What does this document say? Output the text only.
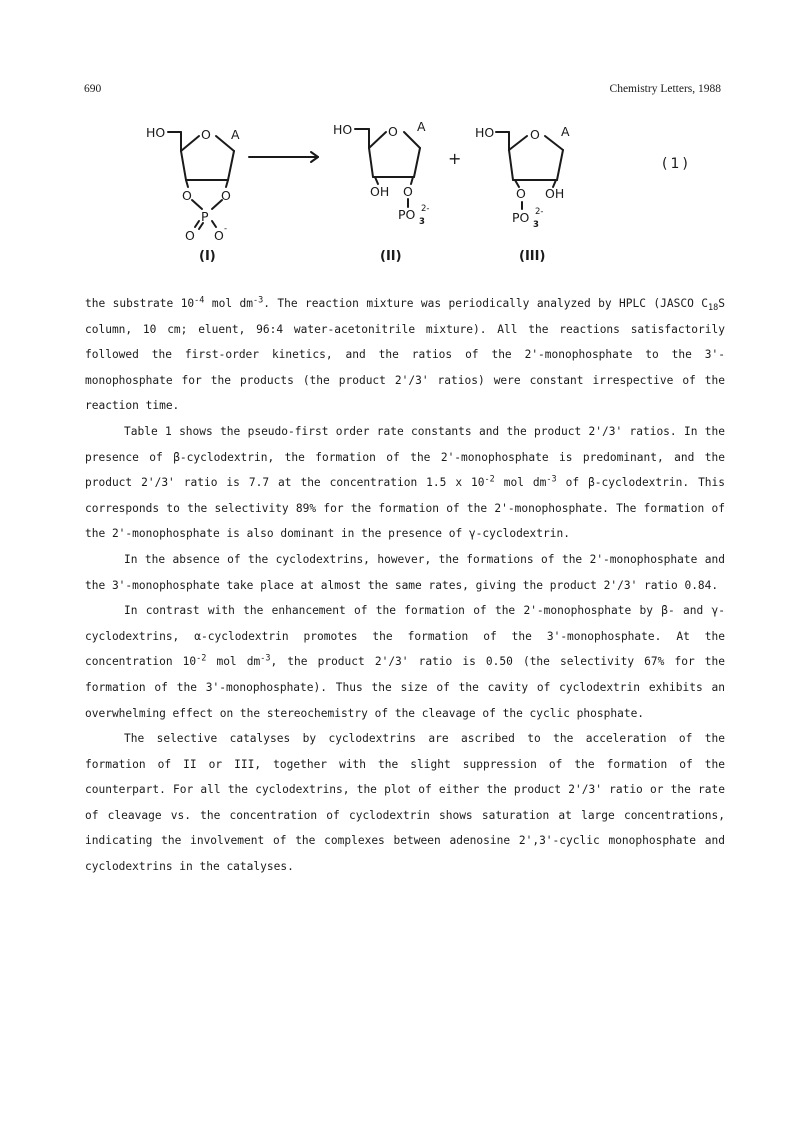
690	Chemistry Letters, 1988
HO	O A
O O
P
O O -
(I)
HO	O A
OH O
PO 3
2-
(II)
+
HO	O A
O OH
PO 3
2-
(III)
(1)

the substrate $10^{-4}$ mol $dm^{-3}$. The reaction mixture was periodically analyzed by HPLC (JASCO $C_{18}S$ column, 10 cm; eluent, 96:4 water-acetonitrile mixture). All the reactions satisfactorily followed the first-order kinetics, and the ratios of the 2'-monophosphate to the 3'-monophosphate for the products (the product 2'/3' ratios) were constant irrespective of the reaction time.

Table 1 shows the pseudo-first order rate constants and the product 2'/3' ratios. In the presence of β-cyclodextrin, the formation of the 2'-monophosphate is predominant, and the product 2'/3' ratio is 7.7 at the concentration 1.5 x $10^{-2}$ mol $dm^{-3}$ of β-cyclodextrin. This corresponds to the selectivity 89% for the formation of the 2'-monophosphate. The formation of the 2'-monophosphate is also dominant in the presence of γ-cyclodextrin.

In the absence of the cyclodextrins, however, the formations of the 2'-monophosphate and the 3'-monophosphate take place at almost the same rates, giving the product 2'/3' ratio 0.84.

In contrast with the enhancement of the formation of the 2'-monophosphate by β- and γ-cyclodextrins, α-cyclodextrin promotes the formation of the 3'-monophosphate. At the concentration $10^{-2}$ mol $dm^{-3}$, the product 2'/3' ratio is 0.50 (the selectivity 67% for the formation of the 3'-monophosphate). Thus the size of the cavity of cyclodextrin exhibits an overwhelming effect on the stereochemistry of the cleavage of the cyclic phosphate.

The selective catalyses by cyclodextrins are ascribed to the acceleration of the formation of II or III, together with the slight suppression of the formation of the counterpart. For all the cyclodextrins, the plot of either the product 2'/3' ratio or the rate of cleavage vs. the concentration of cyclodextrin shows saturation at large concentrations, indicating the involvement of the complexes between adenosine 2',3'-cyclic monophosphate and cyclodextrins in the catalyses.
